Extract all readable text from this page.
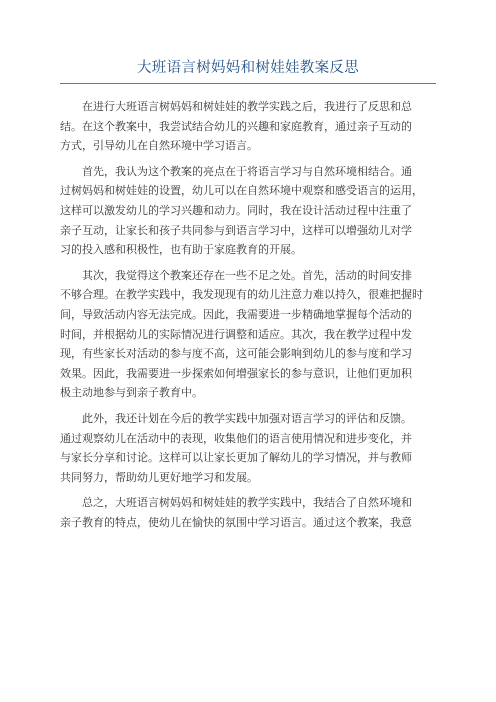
大班语言树妈妈和树娃娃教案反思
在进行大班语言树妈妈和树娃娃的教学实践之后，我进行了反思和总
结。在这个教案中，我尝试结合幼儿的兴趣和家庭教育，通过亲子互动的
方式，引导幼儿在自然环境中学习语言。
首先，我认为这个教案的亮点在于将语言学习与自然环境相结合。通
过树妈妈和树娃娃的设置，幼儿可以在自然环境中观察和感受语言的运用，
这样可以激发幼儿的学习兴趣和动力。同时，我在设计活动过程中注重了
亲子互动，让家长和孩子共同参与到语言学习中，这样可以增强幼儿对学
习的投入感和积极性，也有助于家庭教育的开展。
其次，我觉得这个教案还存在一些不足之处。首先，活动的时间安排
不够合理。在教学实践中，我发现现有的幼儿注意力难以持久，很难把握时
间，导致活动内容无法完成。因此，我需要进一步精确地掌握每个活动的
时间，并根据幼儿的实际情况进行调整和适应。其次，我在教学过程中发
现，有些家长对活动的参与度不高，这可能会影响到幼儿的参与度和学习
效果。因此，我需要进一步探索如何增强家长的参与意识，让他们更加积
极主动地参与到亲子教育中。
此外，我还计划在今后的教学实践中加强对语言学习的评估和反馈。
通过观察幼儿在活动中的表现，收集他们的语言使用情况和进步变化，并
与家长分享和讨论。这样可以让家长更加了解幼儿的学习情况，并与教师
共同努力，帮助幼儿更好地学习和发展。
总之，大班语言树妈妈和树娃娃的教学实践中，我结合了自然环境和
亲子教育的特点，使幼儿在愉快的氛围中学习语言。通过这个教案，我意
